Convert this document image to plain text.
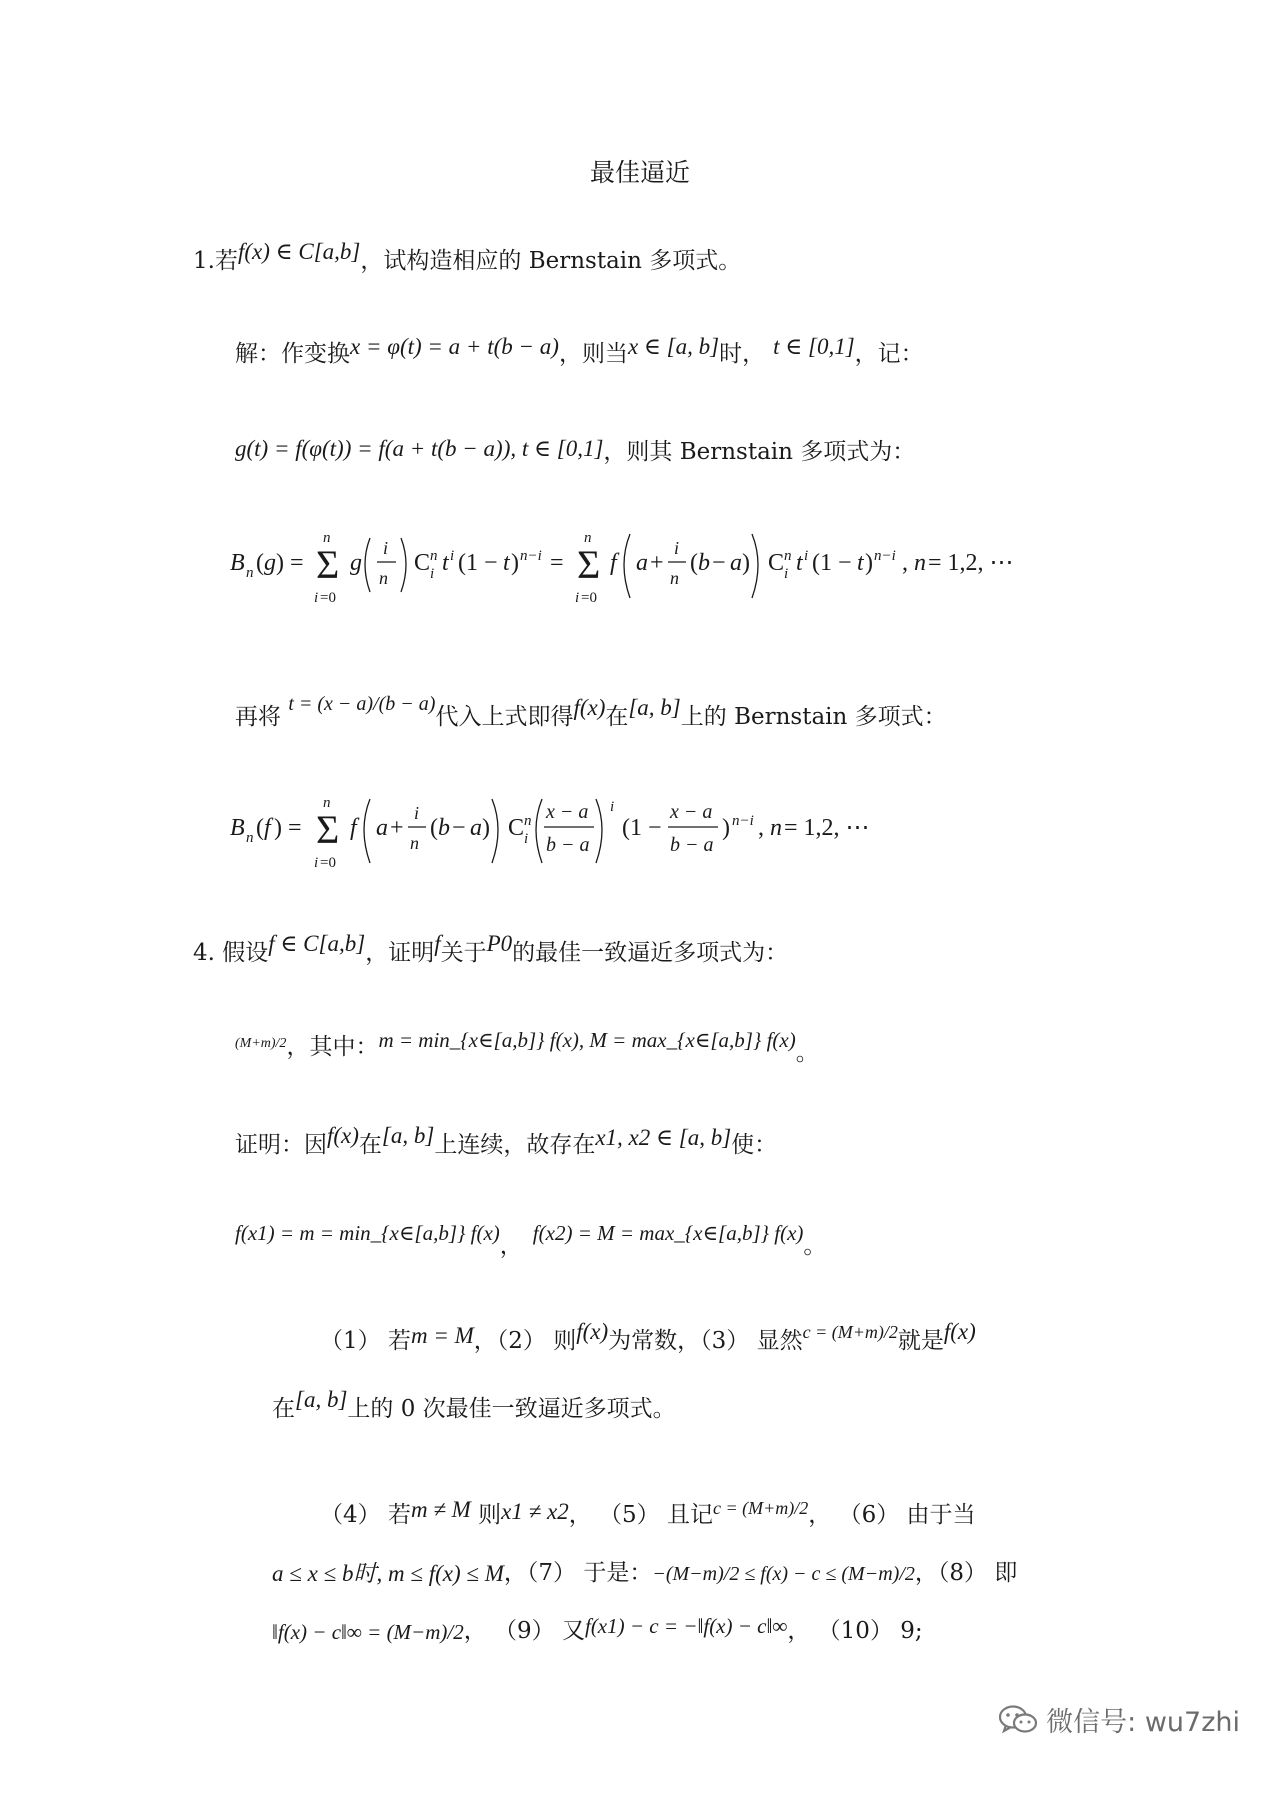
最佳逼近
1.若f(x) ∈ C[a,b]，试构造相应的 Bernstain 多项式。
解：作变换x = φ(t) = a + t(b − a)，则当x ∈ [a, b]时， t ∈ [0,1]，记：
g(t) = f(φ(t)) = f(a + t(b − a)), t ∈ [0,1]，则其 Bernstain 多项式为：
B n ( g ) =
n
Σ
i =0
g
i
n
C n
i t i (1 − t ) n−i =
n
Σ
i =0
f a +
i
n
( b − a ) C n
i t i (1 − t ) n−i , n = 1,2, ⋯
再将 t = (x − a)/(b − a)代入上式即得f(x)在[a, b]上的 Bernstain 多项式：
B n ( f ) =
n
Σ
i =0
f a +
i
n
( b − a ) C n
i
x − a
b − a
i
(1 −
x − a
b − a
) n−i , n = 1,2, ⋯
4. 假设f ∈ C[a,b]，证明f关于P0的最佳一致逼近多项式为：
(M+m)/2，其中：m = min_{x∈[a,b]} f(x), M = max_{x∈[a,b]} f(x)。
证明：因f(x)在[a, b]上连续，故存在x1, x2 ∈ [a, b]使：
f(x1) = m = min_{x∈[a,b]} f(x)， f(x2) = M = max_{x∈[a,b]} f(x)。
（1） 若m = M，（2） 则f(x)为常数，（3） 显然c = (M+m)/2就是f(x)
在[a, b]上的 0 次最佳一致逼近多项式。
（4） 若m ≠ M 则x1 ≠ x2， （5） 且记c = (M+m)/2， （6） 由于当
a ≤ x ≤ b时, m ≤ f(x) ≤ M，（7） 于是：−(M−m)/2 ≤ f(x) − c ≤ (M−m)/2，（8） 即
‖f(x) − c‖∞ = (M−m)/2， （9） 又f(x1) − c = −‖f(x) − c‖∞， （10） 9;
微信号: wu7zhi
